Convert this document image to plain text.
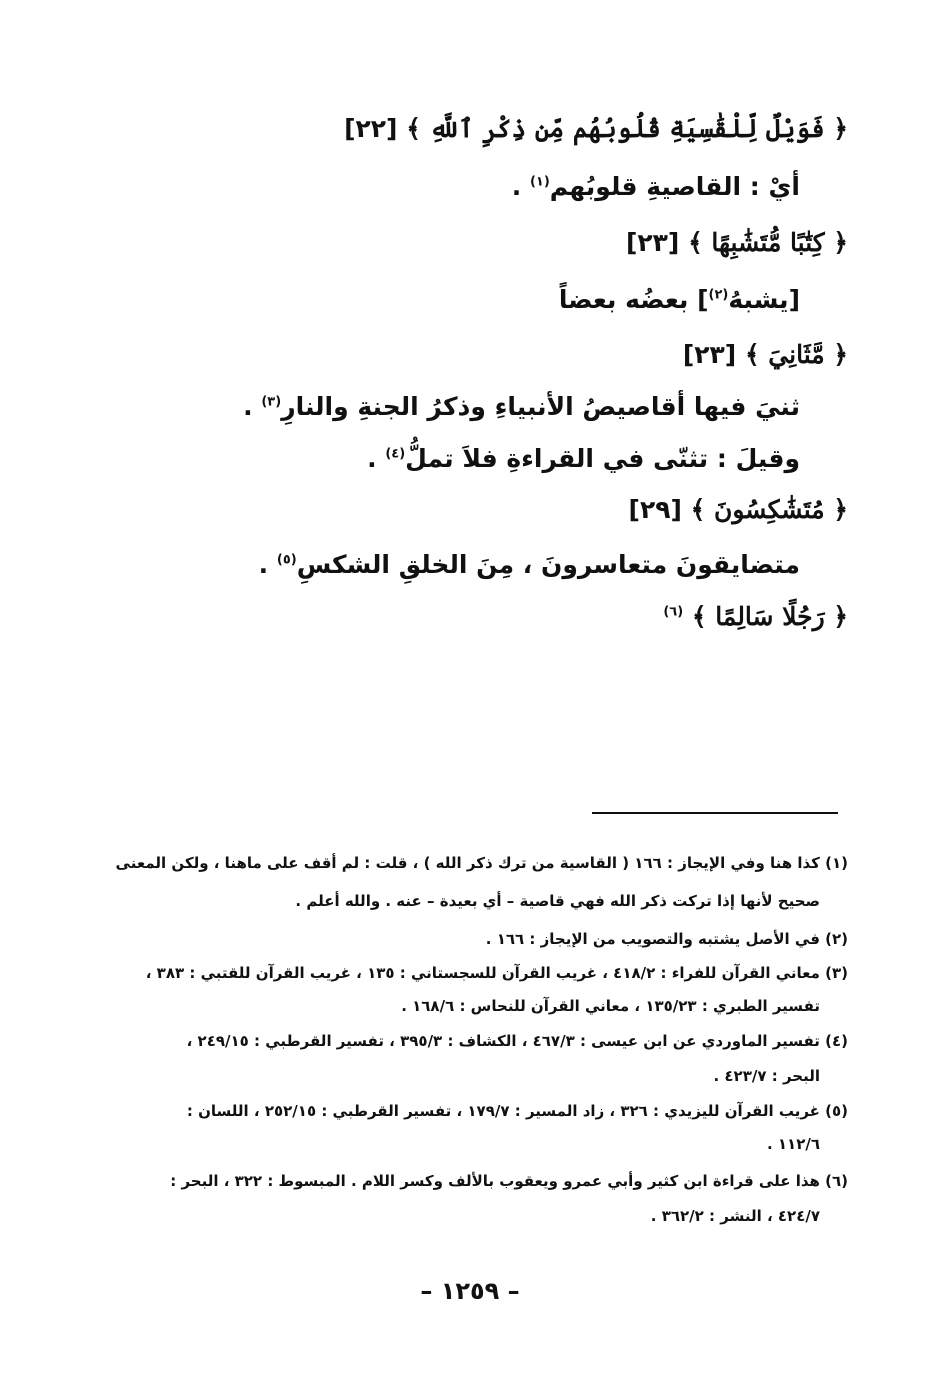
﴿ فَوَيْلٌ لِّلْقَٰسِيَةِ قُلُوبُهُم مِّن ذِكْرِ ٱللَّهِ ﴾ [٢٢]
أيْ : القاصيةِ قلوبُهم$^{(١)}$ .
﴿ كِتَٰبًا مُّتَشَٰبِهًا ﴾ [٢٣]
[يشبهُ$^{(٢)}$] بعضُه بعضاً
﴿ مَّثَانِيَ ﴾ [٢٣]
ثنيَ فيها أقاصيصُ الأنبياءِ وذكرُ الجنةِ والنارِ$^{(٣)}$ .
وقيلَ : تثنّى في القراءةِ فلاَ تملُّ$^{(٤)}$ .
﴿ مُتَشَٰكِسُونَ ﴾ [٢٩]
متضايقونَ متعاسرونَ ، مِنَ الخلقِ الشكسِ$^{(٥)}$ .
﴿ رَجُلًا سَالِمًا ﴾ $^{(٦)}$
(١) كذا هنا وفي الإيجاز : ١٦٦ ( القاسية من ترك ذكر الله ) ، قلت : لم أقف على ماهنا ، ولكن المعنى
صحيح لأنها إذا تركت ذكر الله فهي قاصية – أي بعيدة – عنه . والله أعلم .
(٢) في الأصل يشتبه والتصويب من الإيجاز : ١٦٦ .
(٣) معاني القرآن للفراء : ٤١٨/٢ ، غريب القرآن للسجستاني : ١٣٥ ، غريب القرآن للقتبي : ٣٨٣ ،
تفسير الطبري : ١٣٥/٢٣ ، معاني القرآن للنحاس : ١٦٨/٦ .
(٤) تفسير الماوردي عن ابن عيسى : ٤٦٧/٣ ، الكشاف : ٣٩٥/٣ ، تفسير القرطبي : ٢٤٩/١٥ ،
البحر : ٤٢٣/٧ .
(٥) غريب القرآن لليزيدي : ٣٢٦ ، زاد المسير : ١٧٩/٧ ، تفسير القرطبي : ٢٥٢/١٥ ، اللسان :
١١٢/٦ .
(٦) هذا على قراءة ابن كثير وأبي عمرو ويعقوب بالألف وكسر اللام . المبسوط : ٣٢٢ ، البحر :
٤٢٤/٧ ، النشر : ٣٦٢/٢ .
– ١٢٥٩ –
